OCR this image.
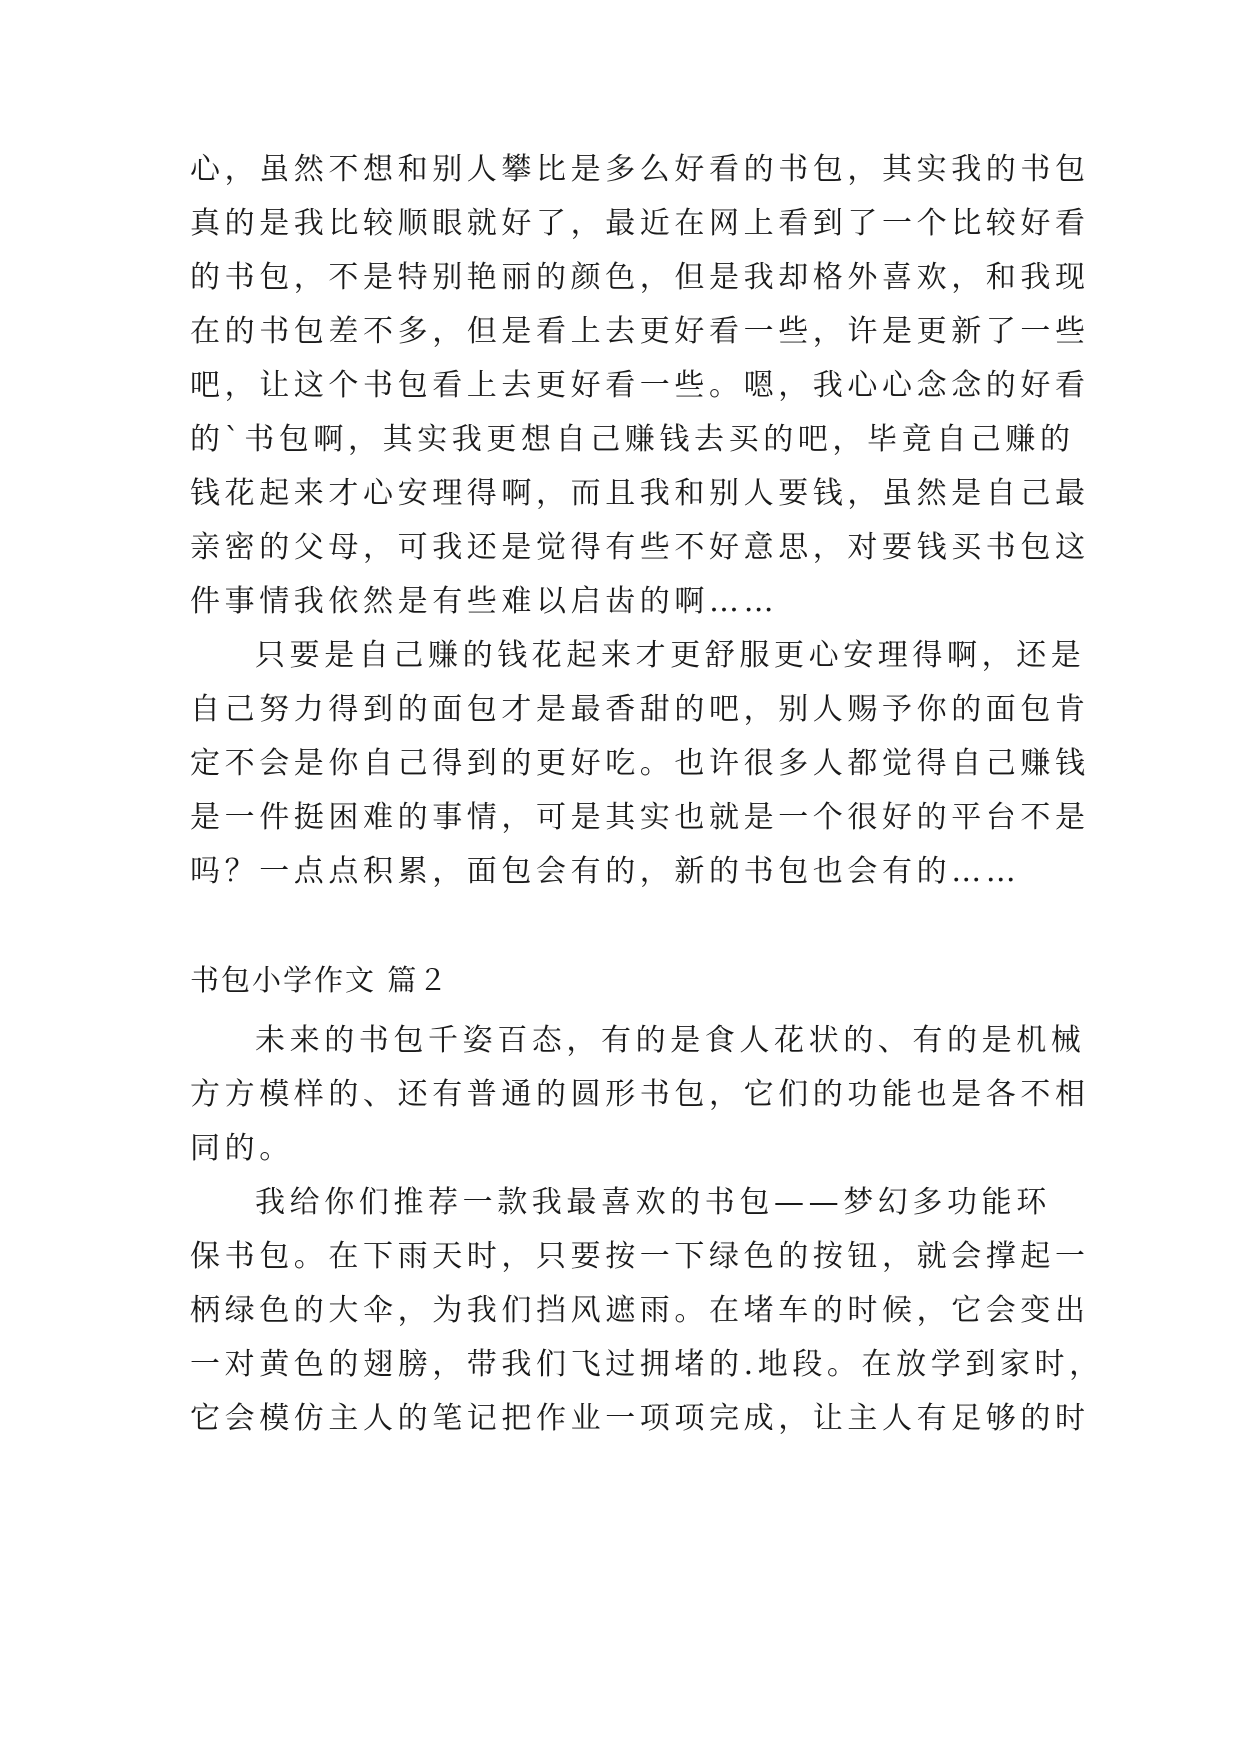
心，虽然不想和别人攀比是多么好看的书包，其实我的书包
真的是我比较顺眼就好了，最近在网上看到了一个比较好看
的书包，不是特别艳丽的颜色，但是我却格外喜欢，和我现
在的书包差不多，但是看上去更好看一些，许是更新了一些
吧，让这个书包看上去更好看一些。嗯，我心心念念的好看
的`书包啊，其实我更想自己赚钱去买的吧，毕竟自己赚的
钱花起来才心安理得啊，而且我和别人要钱，虽然是自己最
亲密的父母，可我还是觉得有些不好意思，对要钱买书包这
件事情我依然是有些难以启齿的啊……
只要是自己赚的钱花起来才更舒服更心安理得啊，还是
自己努力得到的面包才是最香甜的吧，别人赐予你的面包肯
定不会是你自己得到的更好吃。也许很多人都觉得自己赚钱
是一件挺困难的事情，可是其实也就是一个很好的平台不是
吗？一点点积累，面包会有的，新的书包也会有的……
书包小学作文 篇２
未来的书包千姿百态，有的是食人花状的、有的是机械
方方模样的、还有普通的圆形书包，它们的功能也是各不相
同的。
我给你们推荐一款我最喜欢的书包——梦幻多功能环
保书包。在下雨天时，只要按一下绿色的按钮，就会撑起一
柄绿色的大伞，为我们挡风遮雨。在堵车的时候，它会变出
一对黄色的翅膀，带我们飞过拥堵的.地段。在放学到家时，
它会模仿主人的笔记把作业一项项完成，让主人有足够的时
